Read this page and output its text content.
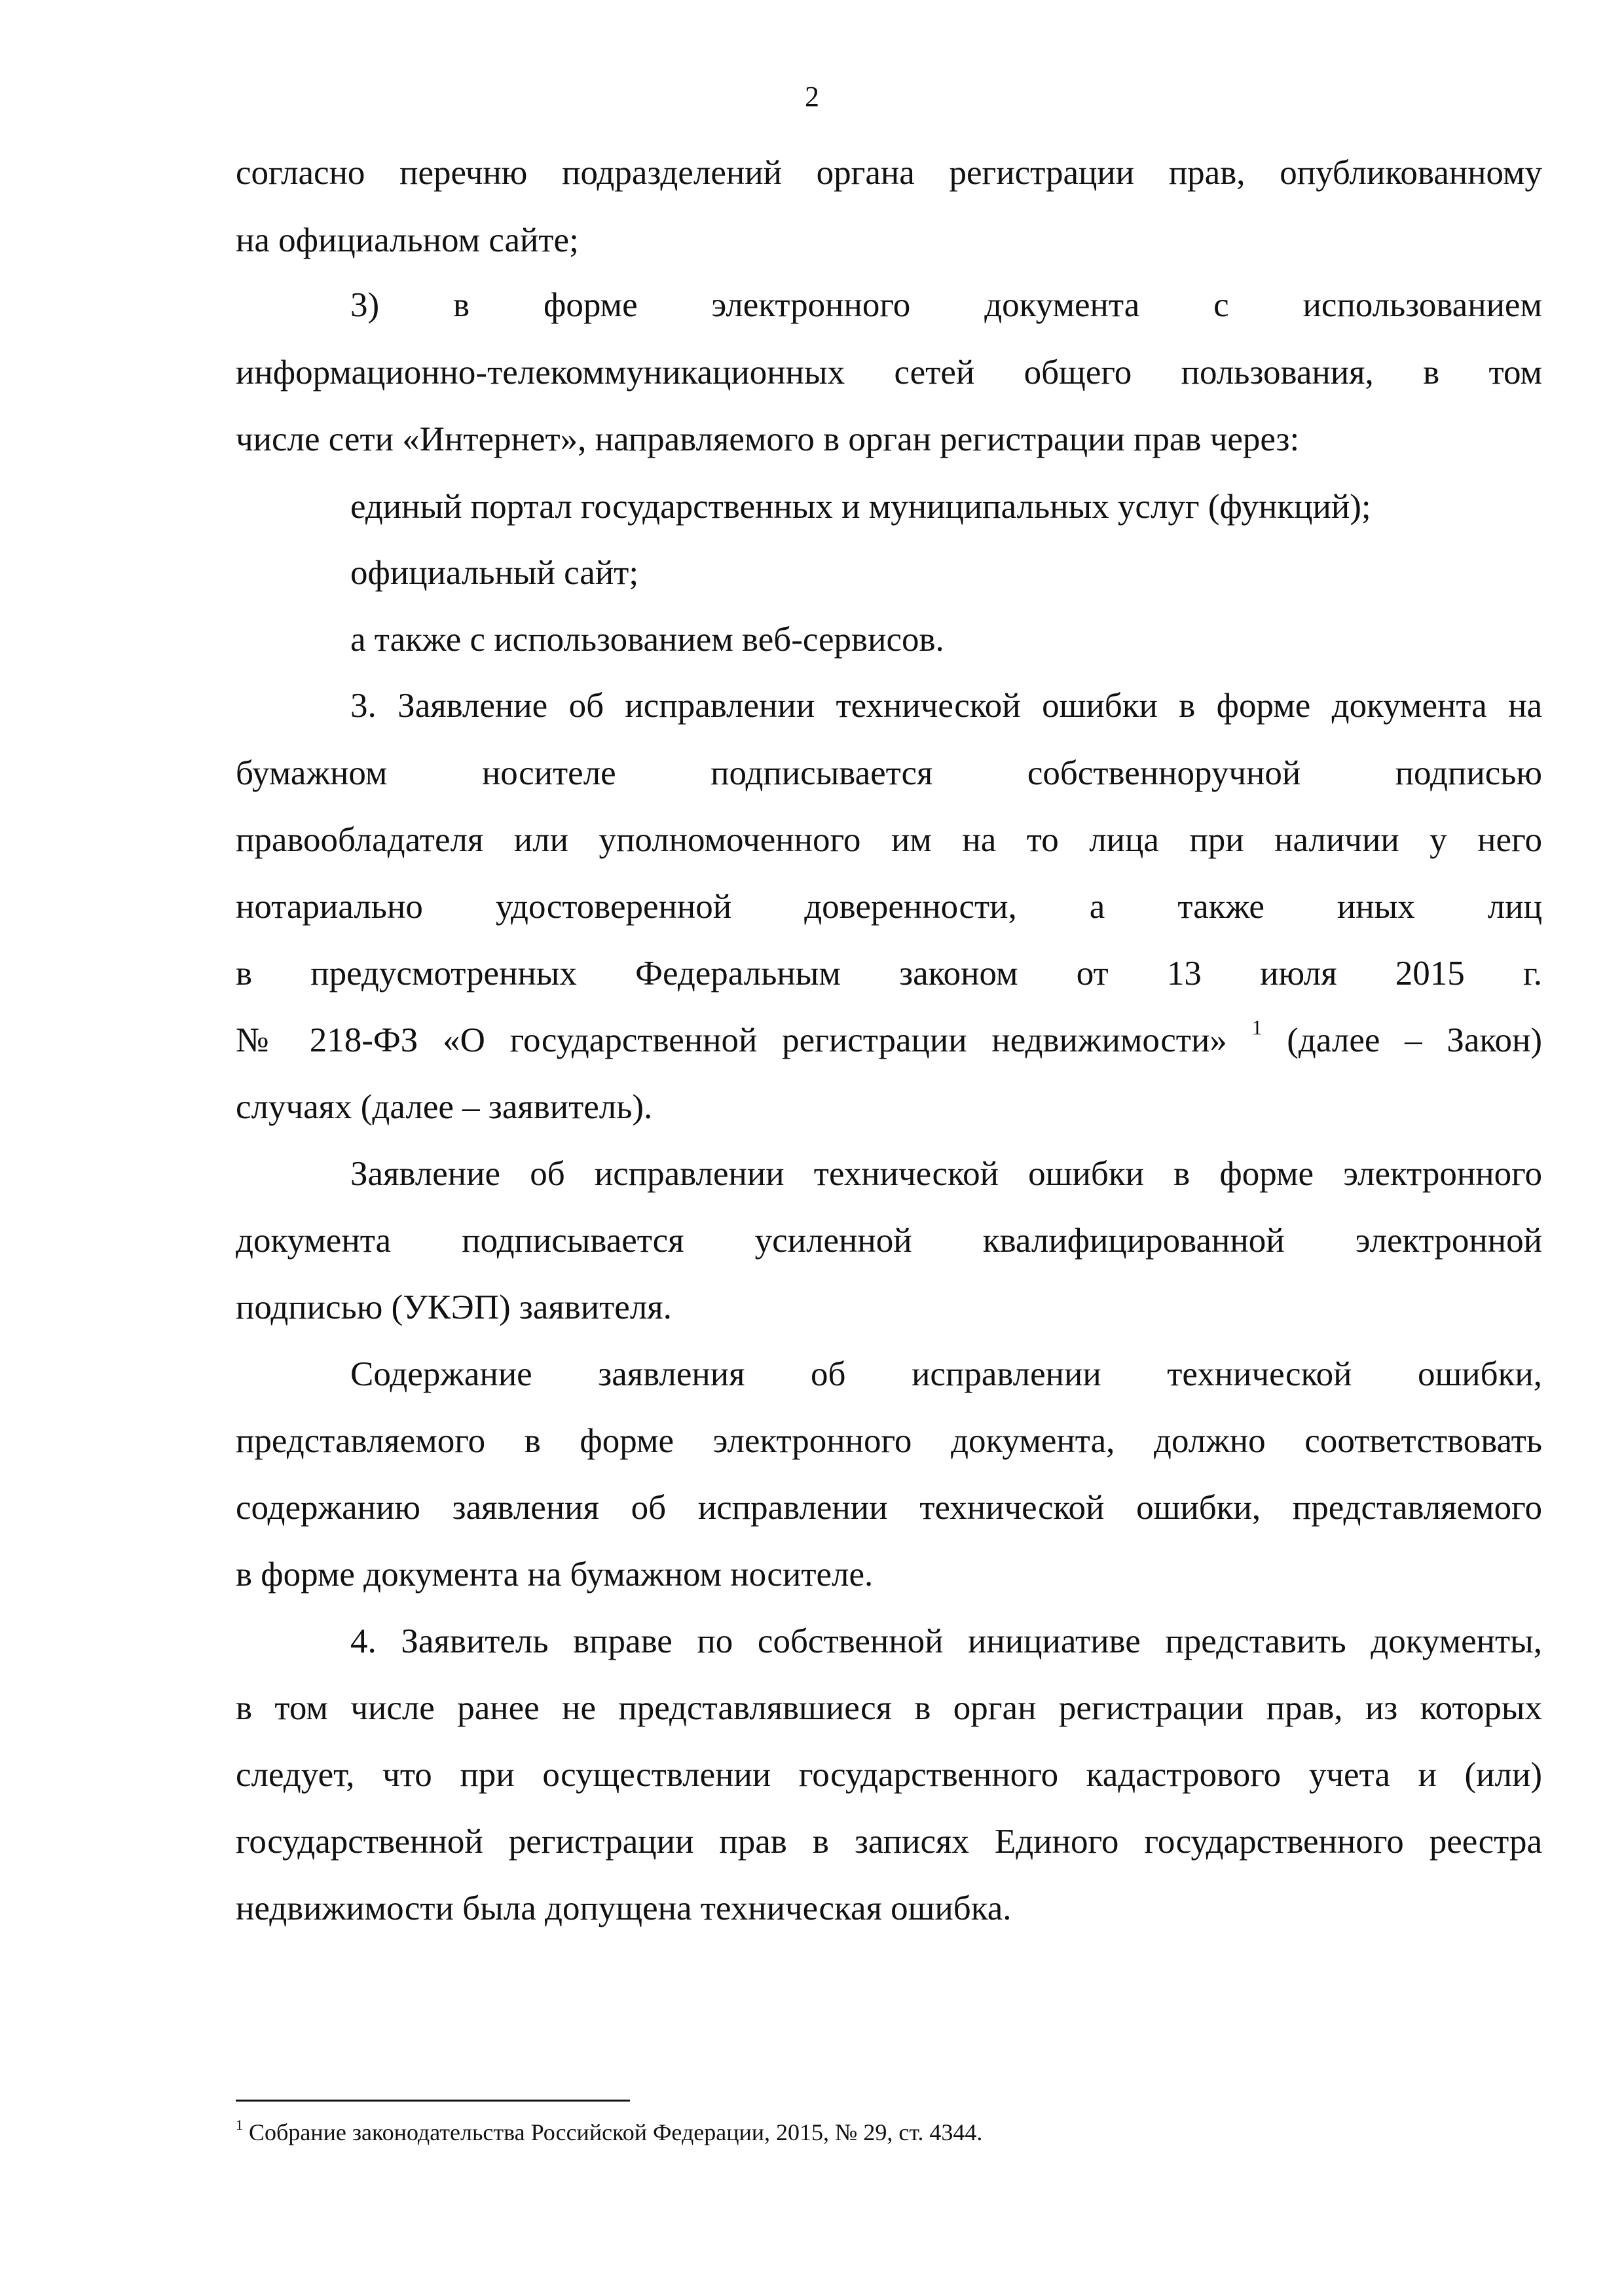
2
согласно перечню подразделений органа регистрации прав, опубликованному
на официальном сайте;
3) в форме электронного документа с использованием
информационно-телекоммуникационных сетей общего пользования, в том
числе сети «Интернет», направляемого в орган регистрации прав через:
единый портал государственных и муниципальных услуг (функций);
официальный сайт;
а также с использованием веб-сервисов.
3. Заявление об исправлении технической ошибки в форме документа на
бумажном носителе подписывается собственноручной подписью
правообладателя или уполномоченного им на то лица при наличии у него
нотариально удостоверенной доверенности, а также иных лиц
в предусмотренных Федеральным законом от 13 июля 2015 г.
№ 218-ФЗ «О государственной регистрации недвижимости» $^1$ (далее – Закон)
случаях (далее – заявитель).
Заявление об исправлении технической ошибки в форме электронного
документа подписывается усиленной квалифицированной электронной
подписью (УКЭП) заявителя.
Содержание заявления об исправлении технической ошибки,
представляемого в форме электронного документа, должно соответствовать
содержанию заявления об исправлении технической ошибки, представляемого
в форме документа на бумажном носителе.
4. Заявитель вправе по собственной инициативе представить документы,
в том числе ранее не представлявшиеся в орган регистрации прав, из которых
следует, что при осуществлении государственного кадастрового учета и (или)
государственной регистрации прав в записях Единого государственного реестра
недвижимости была допущена техническая ошибка.
$^1$ Собрание законодательства Российской Федерации, 2015, № 29, ст. 4344.
